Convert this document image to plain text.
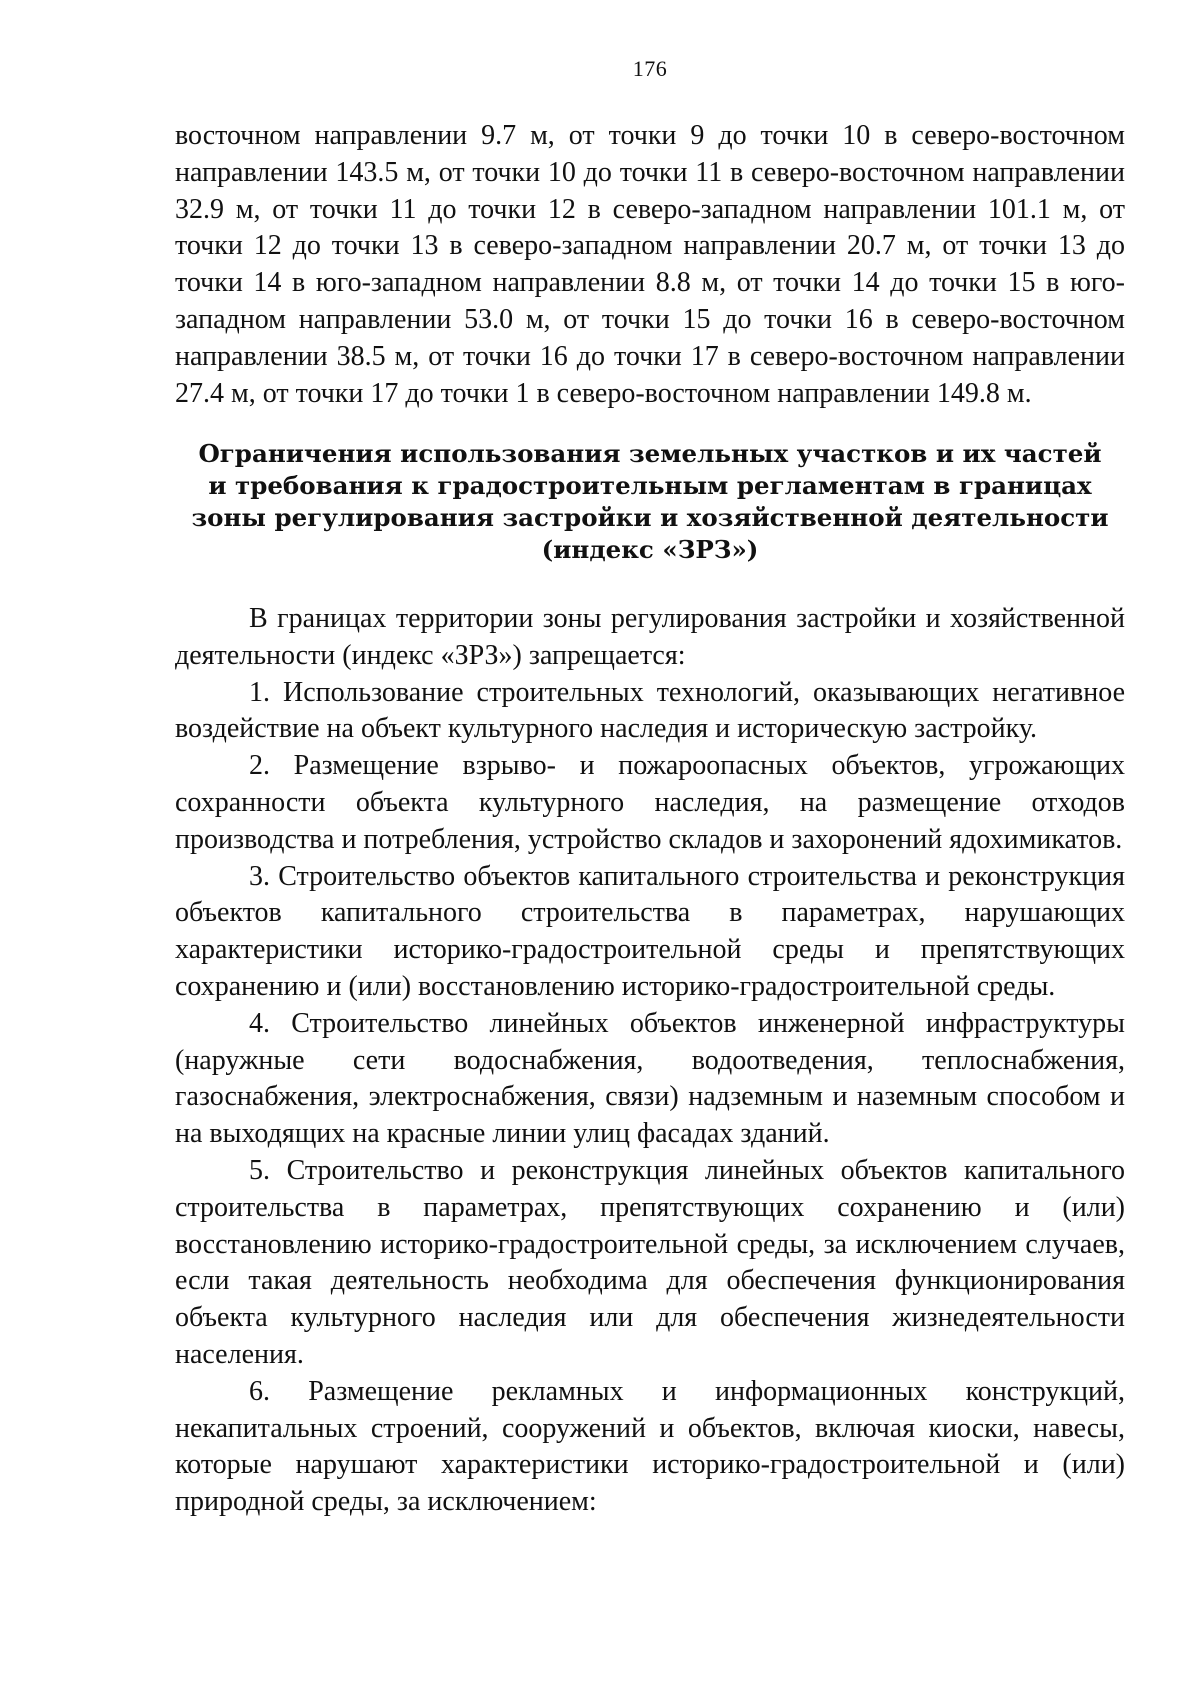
176

восточном направлении 9.7 м, от точки 9 до точки 10 в северо-восточном направлении 143.5 м, от точки 10 до точки 11 в северо-восточном направлении 32.9 м, от точки 11 до точки 12 в северо-западном направлении 101.1 м, от точки 12 до точки 13 в северо-западном направлении 20.7 м, от точки 13 до точки 14 в юго-западном направлении 8.8 м, от точки 14 до точки 15 в юго-западном направлении 53.0 м, от точки 15 до точки 16 в северо-восточном направлении 38.5 м, от точки 16 до точки 17 в северо-восточном направлении 27.4 м, от точки 17 до точки 1 в северо-восточном направлении 149.8 м.

Ограничения использования земельных участков и их частей
и требования к градостроительным регламентам в границах
зоны регулирования застройки и хозяйственной деятельности
(индекс «ЗРЗ»)

В границах территории зоны регулирования застройки и хозяйственной деятельности (индекс «ЗРЗ») запрещается:

1. Использование строительных технологий, оказывающих негативное воздействие на объект культурного наследия и историческую застройку.

2. Размещение взрыво- и пожароопасных объектов, угрожающих сохранности объекта культурного наследия, на размещение отходов производства и потребления, устройство складов и захоронений ядохимикатов.

3. Строительство объектов капитального строительства и реконструкция объектов капитального строительства в параметрах, нарушающих характеристики историко-градостроительной среды и препятствующих сохранению и (или) восстановлению историко-градостроительной среды.

4. Строительство линейных объектов инженерной инфраструктуры (наружные сети водоснабжения, водоотведения, теплоснабжения, газоснабжения, электроснабжения, связи) надземным и наземным способом и на выходящих на красные линии улиц фасадах зданий.

5. Строительство и реконструкция линейных объектов капитального строительства в параметрах, препятствующих сохранению и (или) восстановлению историко-градостроительной среды, за исключением случаев, если такая деятельность необходима для обеспечения функционирования объекта культурного наследия или для обеспечения жизнедеятельности населения.

6. Размещение рекламных и информационных конструкций, некапитальных строений, сооружений и объектов, включая киоски, навесы, которые нарушают характеристики историко-градостроительной и (или) природной среды, за исключением:
